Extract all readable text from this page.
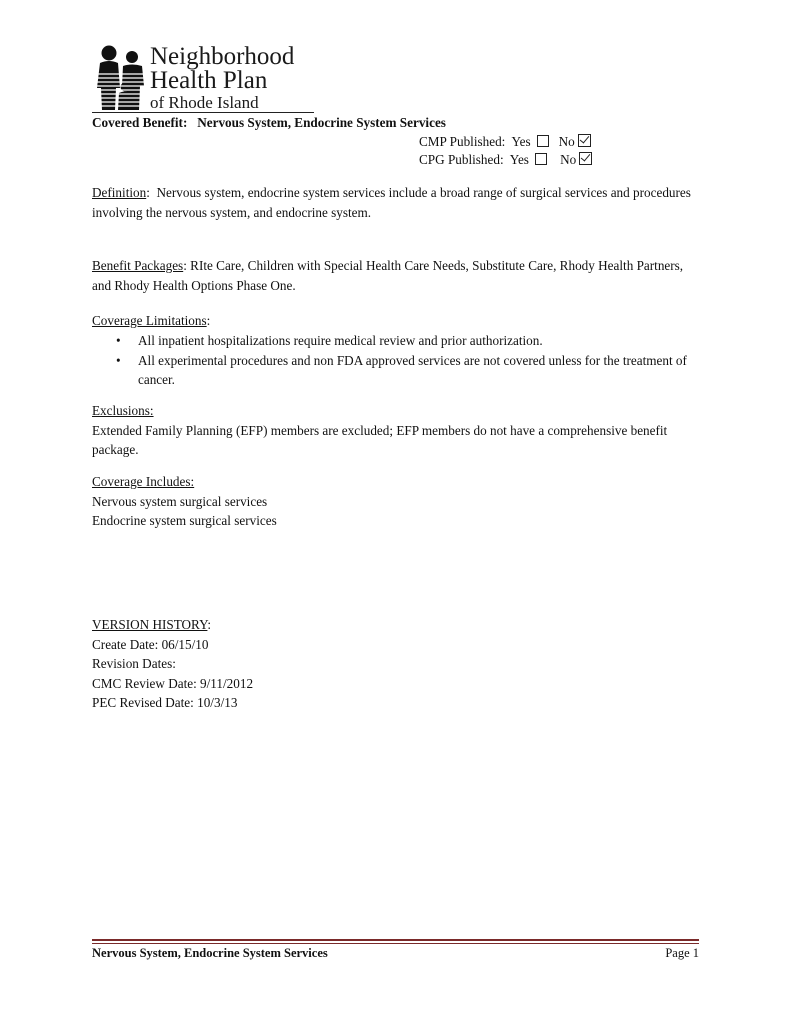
Neighborhood
Health Plan
of Rhode Island
Covered Benefit: Nervous System, Endocrine System Services
CMP Published: Yes No
CPG Published: Yes No
Definition:  Nervous system, endocrine system services include a broad range of surgical services and procedures involving the nervous system, and endocrine system.
Benefit Packages: RIte Care, Children with Special Health Care Needs, Substitute Care, Rhody Health Partners, and Rhody Health Options Phase One.
Coverage Limitations:
• All inpatient hospitalizations require medical review and prior authorization.
• All experimental procedures and non FDA approved services are not covered unless for the treatment of cancer.
Exclusions:
Extended Family Planning (EFP) members are excluded; EFP members do not have a comprehensive benefit package.
Coverage Includes:
Nervous system surgical services
Endocrine system surgical services
VERSION HISTORY:
Create Date: 06/15/10
Revision Dates:
CMC Review Date: 9/11/2012
PEC Revised Date: 10/3/13
Nervous System, Endocrine System Services	Page 1
